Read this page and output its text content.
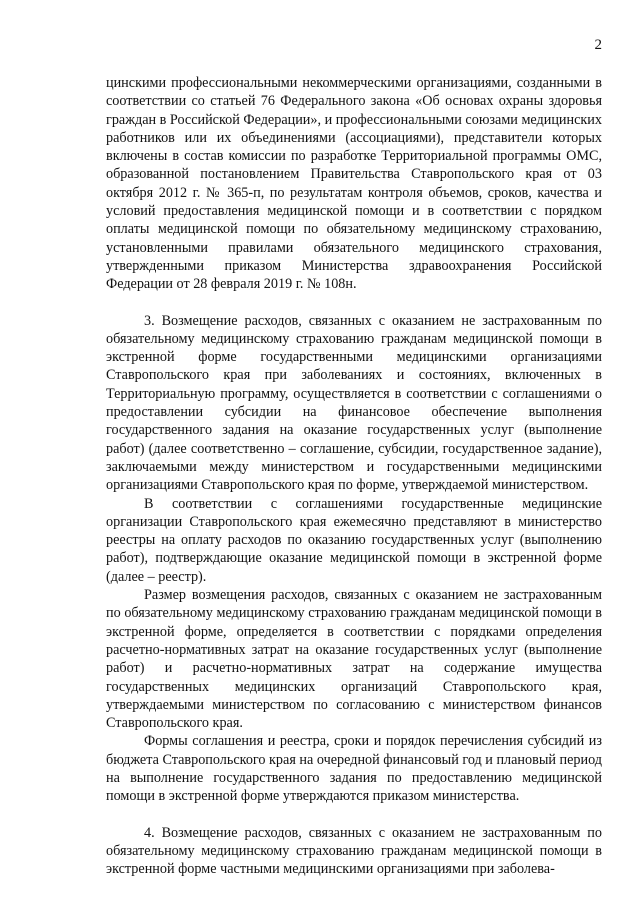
2

цинскими профессиональными некоммерческими организациями, созданными в соответствии со статьей 76 Федерального закона «Об основах охраны здоровья граждан в Российской Федерации», и профессиональными союзами медицинских работников или их объединениями (ассоциациями), представители которых включены в состав комиссии по разработке Территориальной программы ОМС, образованной постановлением Правительства Ставропольского края от 03 октября 2012 г. № 365-п, по результатам контроля объемов, сроков, качества и условий предоставления медицинской помощи и в соответствии с порядком оплаты медицинской помощи по обязательному медицинскому страхованию, установленными правилами обязательного медицинского страхования, утвержденными приказом Министерства здравоохранения Российской Федерации от 28 февраля 2019 г. № 108н.

3. Возмещение расходов, связанных с оказанием не застрахованным по обязательному медицинскому страхованию гражданам медицинской помощи в экстренной форме государственными медицинскими организациями Ставропольского края при заболеваниях и состояниях, включенных в Территориальную программу, осуществляется в соответствии с соглашениями о предоставлении субсидии на финансовое обеспечение выполнения государственного задания на оказание государственных услуг (выполнение работ) (далее соответственно – соглашение, субсидии, государственное задание), заключаемыми между министерством и государственными медицинскими организациями Ставропольского края по форме, утверждаемой министерством.

В соответствии с соглашениями государственные медицинские организации Ставропольского края ежемесячно представляют в министерство реестры на оплату расходов по оказанию государственных услуг (выполнению работ), подтверждающие оказание медицинской помощи в экстренной форме (далее – реестр).

Размер возмещения расходов, связанных с оказанием не застрахованным по обязательному медицинскому страхованию гражданам медицинской помощи в экстренной форме, определяется в соответствии с порядками определения расчетно-нормативных затрат на оказание государственных услуг (выполнение работ) и расчетно-нормативных затрат на содержание имущества государственных медицинских организаций Ставропольского края, утверждаемыми министерством по согласованию с министерством финансов Ставропольского края.

Формы соглашения и реестра, сроки и порядок перечисления субсидий из бюджета Ставропольского края на очередной финансовый год и плановый период на выполнение государственного задания по предоставлению медицинской помощи в экстренной форме утверждаются приказом министерства.

4. Возмещение расходов, связанных с оказанием не застрахованным по обязательному медицинскому страхованию гражданам медицинской помощи в экстренной форме частными медицинскими организациями при заболева-
